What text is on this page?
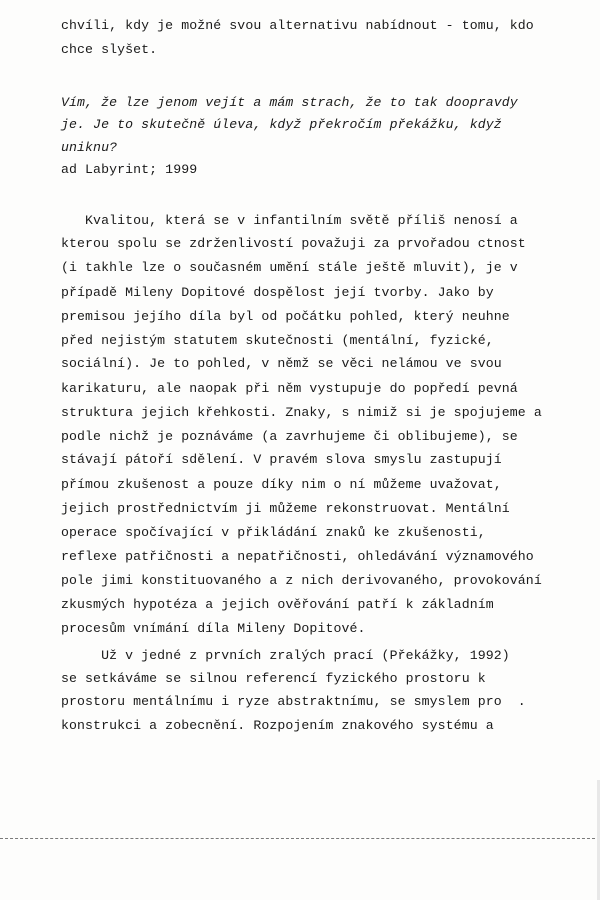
chvíli, kdy je možné svou alternativu nabídnout - tomu, kdo
chce slyšet.
Vím, že lze jenom vejít a mám strach, že to tak doopravdy
je. Je to skutečně úleva, když překročím překážku, když
uniknu?
ad Labyrint; 1999
Kvalitou, která se v infantilním světě příliš nenosí a
kterou spolu se zdrženlivostí považuji za prvořadou ctnost
(i takhle lze o současném umění stále ještě mluvit), je v
případě Mileny Dopitové dospělost její tvorby. Jako by
premisou jejího díla byl od počátku pohled, který neuhne
před nejistým statutem skutečnosti (mentální, fyzické,
sociální). Je to pohled, v němž se věci nelámou ve svou
karikaturu, ale naopak při něm vystupuje do popředí pevná
struktura jejich křehkosti. Znaky, s nimiž si je spojujeme a
podle nichž je poznáváme (a zavrhujeme či oblibujeme), se
stávají pátoří sdělení. V pravém slova smyslu zastupují
přímou zkušenost a pouze díky nim o ní můžeme uvažovat,
jejich prostřednictvím ji můžeme rekonstruovat. Mentální
operace spočívající v přikládání znaků ke zkušenosti,
reflexe patřičnosti a nepatřičnosti, ohledávání významového
pole jimi konstituovaného a z nich derivovaného, provokování
zkusmých hypotéza a jejich ověřování patří k základním
procesům vnímání díla Mileny Dopitové.
Už v jedné z prvních zralých prací (Překážky, 1992)
se setkáváme se silnou referencí fyzického prostoru k
prostoru mentálnímu i ryze abstraktnímu, se smyslem pro  .
konstrukci a zobecnění. Rozpojením znakového systému a
